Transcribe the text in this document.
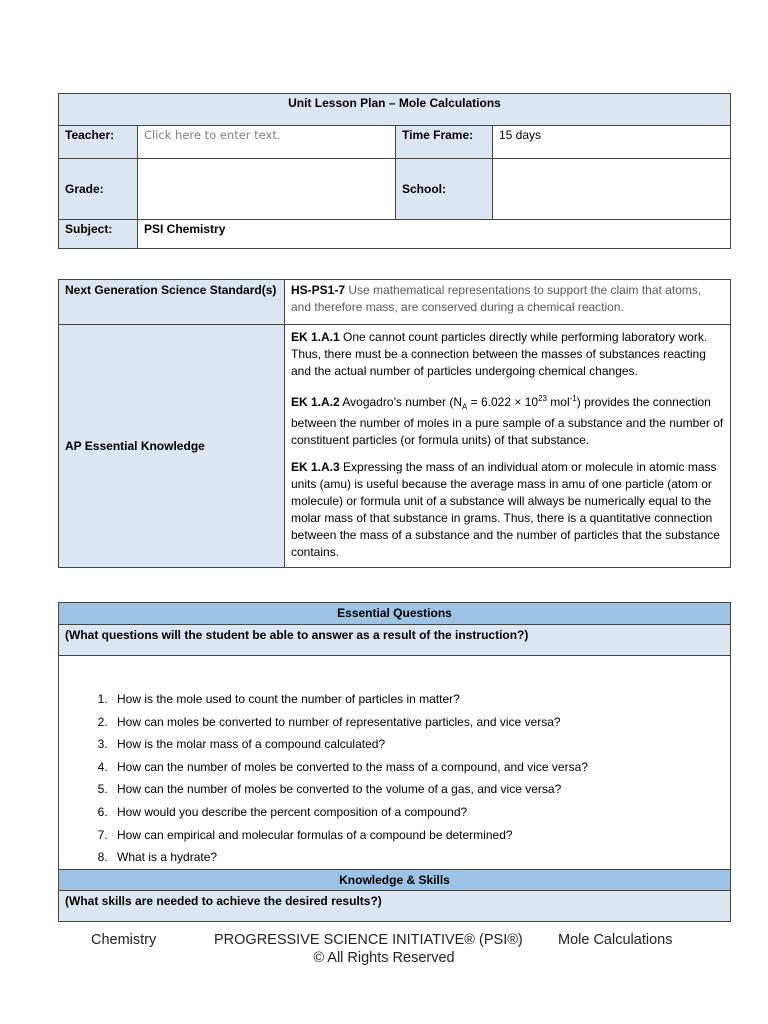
Unit Lesson Plan – Mole Calculations			
Teacher:	Click here to enter text.	Time Frame:	15 days
Grade:		School:	
Subject:	PSI Chemistry		
Next Generation Science Standard(s)	HS-PS1-7 Use mathematical representations to support the claim that atoms, and therefore mass, are conserved during a chemical reaction.
AP Essential Knowledge	EK 1.A.1 One cannot count particles directly while performing laboratory work. Thus, there must be a connection between the masses of substances reacting and the actual number of particles undergoing chemical changes.

EK 1.A.2 Avogadro’s number ($N_A = 6.022 \times 10^{23}$ mol$^{-1}$) provides the connection between the number of moles in a pure sample of a substance and the number of constituent particles (or formula units) of that substance.

EK 1.A.3 Expressing the mass of an individual atom or molecule in atomic mass units (amu) is useful because the average mass in amu of one particle (atom or molecule) or formula unit of a substance will always be numerically equal to the molar mass of that substance in grams. Thus, there is a quantitative connection between the mass of a substance and the number of particles that the substance contains.

Essential Questions
(What questions will the student be able to answer as a result of the instruction?)

1. How is the mole used to count the number of particles in matter?
2. How can moles be converted to number of representative particles, and vice versa?
3. How is the molar mass of a compound calculated?
4. How can the number of moles be converted to the mass of a compound, and vice versa?
5. How can the number of moles be converted to the volume of a gas, and vice versa?
6. How would you describe the percent composition of a compound?
7. How can empirical and molecular formulas of a compound be determined?
8. What is a hydrate?

Knowledge & Skills
(What skills are needed to achieve the desired results?)
Chemistry	PROGRESSIVE SCIENCE INITIATIVE® (PSI®) Mole Calculations
© All Rights Reserved
